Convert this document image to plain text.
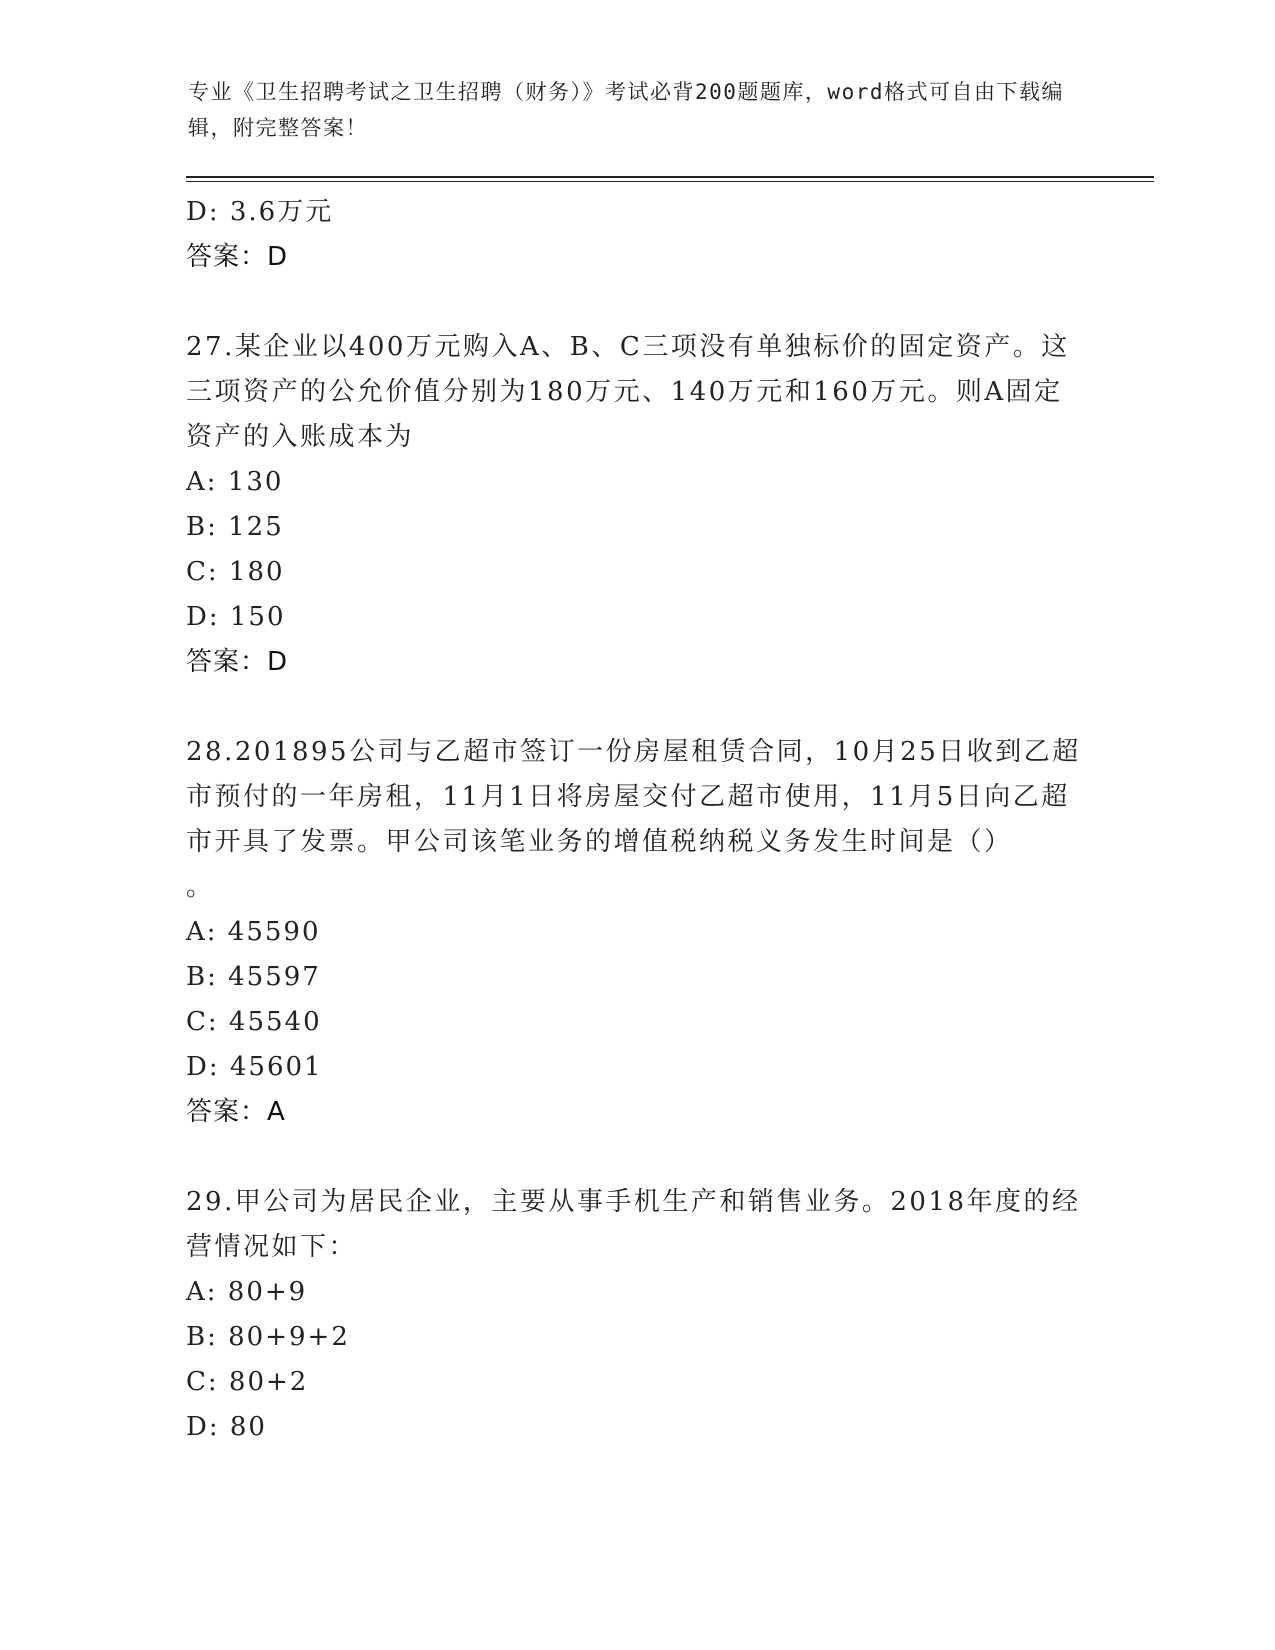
专业《卫生招聘考试之卫生招聘（财务）》考试必背200题题库，word格式可自由下载编辑，附完整答案！
D: 3.6万元
答案：D
27.某企业以400万元购入A、B、C三项没有单独标价的固定资产。这三项资产的公允价值分别为180万元、140万元和160万元。则A固定资产的入账成本为
A: 130
B: 125
C: 180
D: 150
答案：D
28.201895公司与乙超市签订一份房屋租赁合同，10月25日收到乙超市预付的一年房租，11月1日将房屋交付乙超市使用，11月5日向乙超市开具了发票。甲公司该笔业务的增值税纳税义务发生时间是（）
。
A: 45590
B: 45597
C: 45540
D: 45601
答案：A
29.甲公司为居民企业，主要从事手机生产和销售业务。2018年度的经营情况如下：
A: 80+9
B: 80+9+2
C: 80+2
D: 80
